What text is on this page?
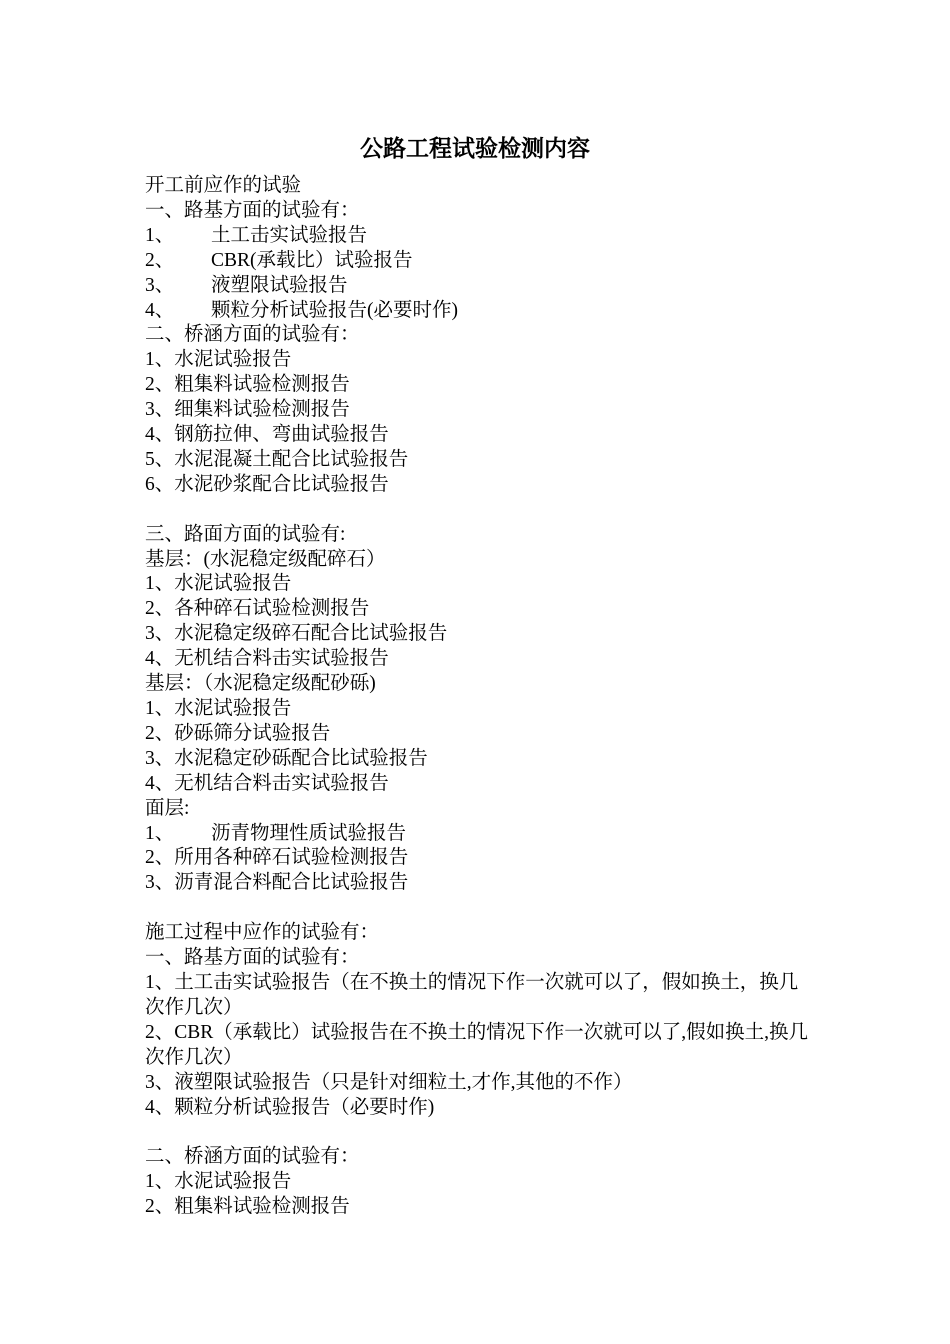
公路工程试验检测内容
开工前应作的试验
一、路基方面的试验有：
1、 土工击实试验报告
2、 CBR(承载比）试验报告
3、 液塑限试验报告
4、 颗粒分析试验报告(必要时作)
二、桥涵方面的试验有：
1、水泥试验报告
2、粗集料试验检测报告
3、细集料试验检测报告
4、钢筋拉伸、弯曲试验报告
5、水泥混凝土配合比试验报告
6、水泥砂浆配合比试验报告
三、路面方面的试验有:
基层：(水泥稳定级配碎石）
1、水泥试验报告
2、各种碎石试验检测报告
3、水泥稳定级碎石配合比试验报告
4、无机结合料击实试验报告
基层：（水泥稳定级配砂砾)
1、水泥试验报告
2、砂砾筛分试验报告
3、水泥稳定砂砾配合比试验报告
4、无机结合料击实试验报告
面层:
1、 沥青物理性质试验报告
2、所用各种碎石试验检测报告
3、沥青混合料配合比试验报告
施工过程中应作的试验有：
一、路基方面的试验有：
1、土工击实试验报告（在不换土的情况下作一次就可以了，假如换土，换几次作几次）
2、CBR（承载比）试验报告在不换土的情况下作一次就可以了,假如换土,换几次作几次）
3、液塑限试验报告（只是针对细粒土,才作,其他的不作）
4、颗粒分析试验报告（必要时作)
二、桥涵方面的试验有：
1、水泥试验报告
2、粗集料试验检测报告
